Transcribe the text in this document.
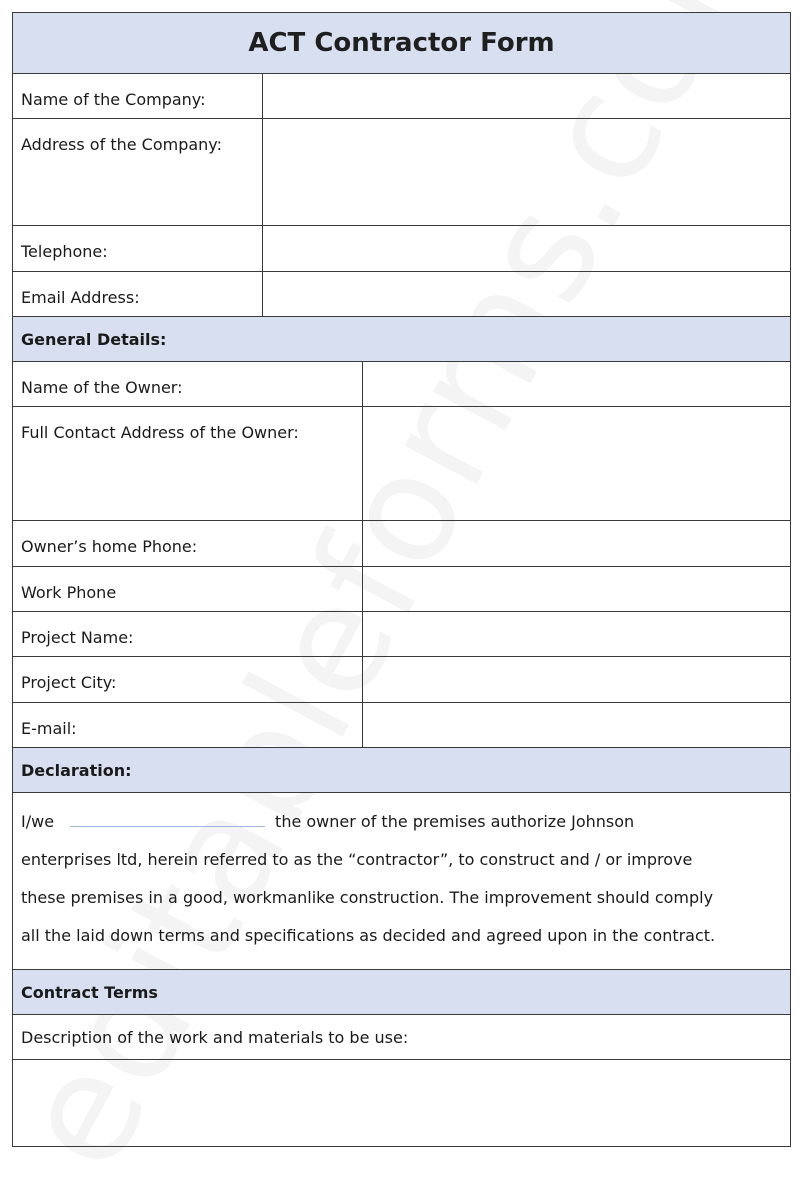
ACT Contractor Form
Name of the Company:
Address of the Company:
Telephone:
Email Address:
General Details:
Name of the Owner:
Full Contact Address of the Owner:
Owner’s home Phone:
Work Phone
Project Name:
Project City:
E-mail:
Declaration:
I/we	the owner of the premises authorize Johnson
enterprises ltd, herein referred to as the “contractor”, to construct and / or improve
these premises in a good, workmanlike construction. The improvement should comply
all the laid down terms and specifications as decided and agreed upon in the contract.
Contract Terms
Description of the work and materials to be use:
